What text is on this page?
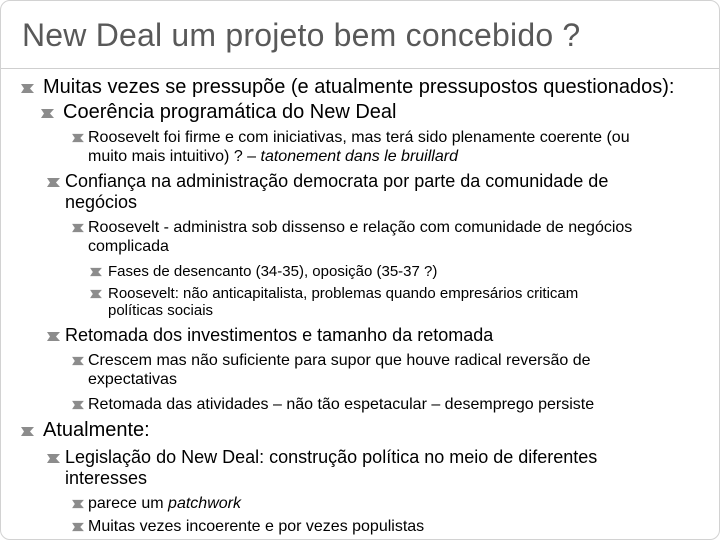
New Deal um projeto bem concebido ?
Muitas vezes se pressupõe (e atualmente pressupostos questionados):
Coerência programática do New Deal
Roosevelt foi firme e com iniciativas, mas terá sido plenamente coerente (ou
muito mais intuitivo) ? – tatonement dans le bruillard
Confiança na administração democrata por parte da comunidade de
negócios
Roosevelt - administra sob dissenso e relação com comunidade de negócios
complicada
Fases de desencanto (34-35), oposição (35-37 ?)
Roosevelt: não anticapitalista, problemas quando empresários criticam
políticas sociais
Retomada dos investimentos e tamanho da retomada
Crescem mas não suficiente para supor que houve radical reversão de
expectativas
Retomada das atividades – não tão espetacular – desemprego persiste
Atualmente:
Legislação do New Deal: construção política no meio de diferentes
interesses
parece um patchwork
Muitas vezes incoerente e por vezes populistas
